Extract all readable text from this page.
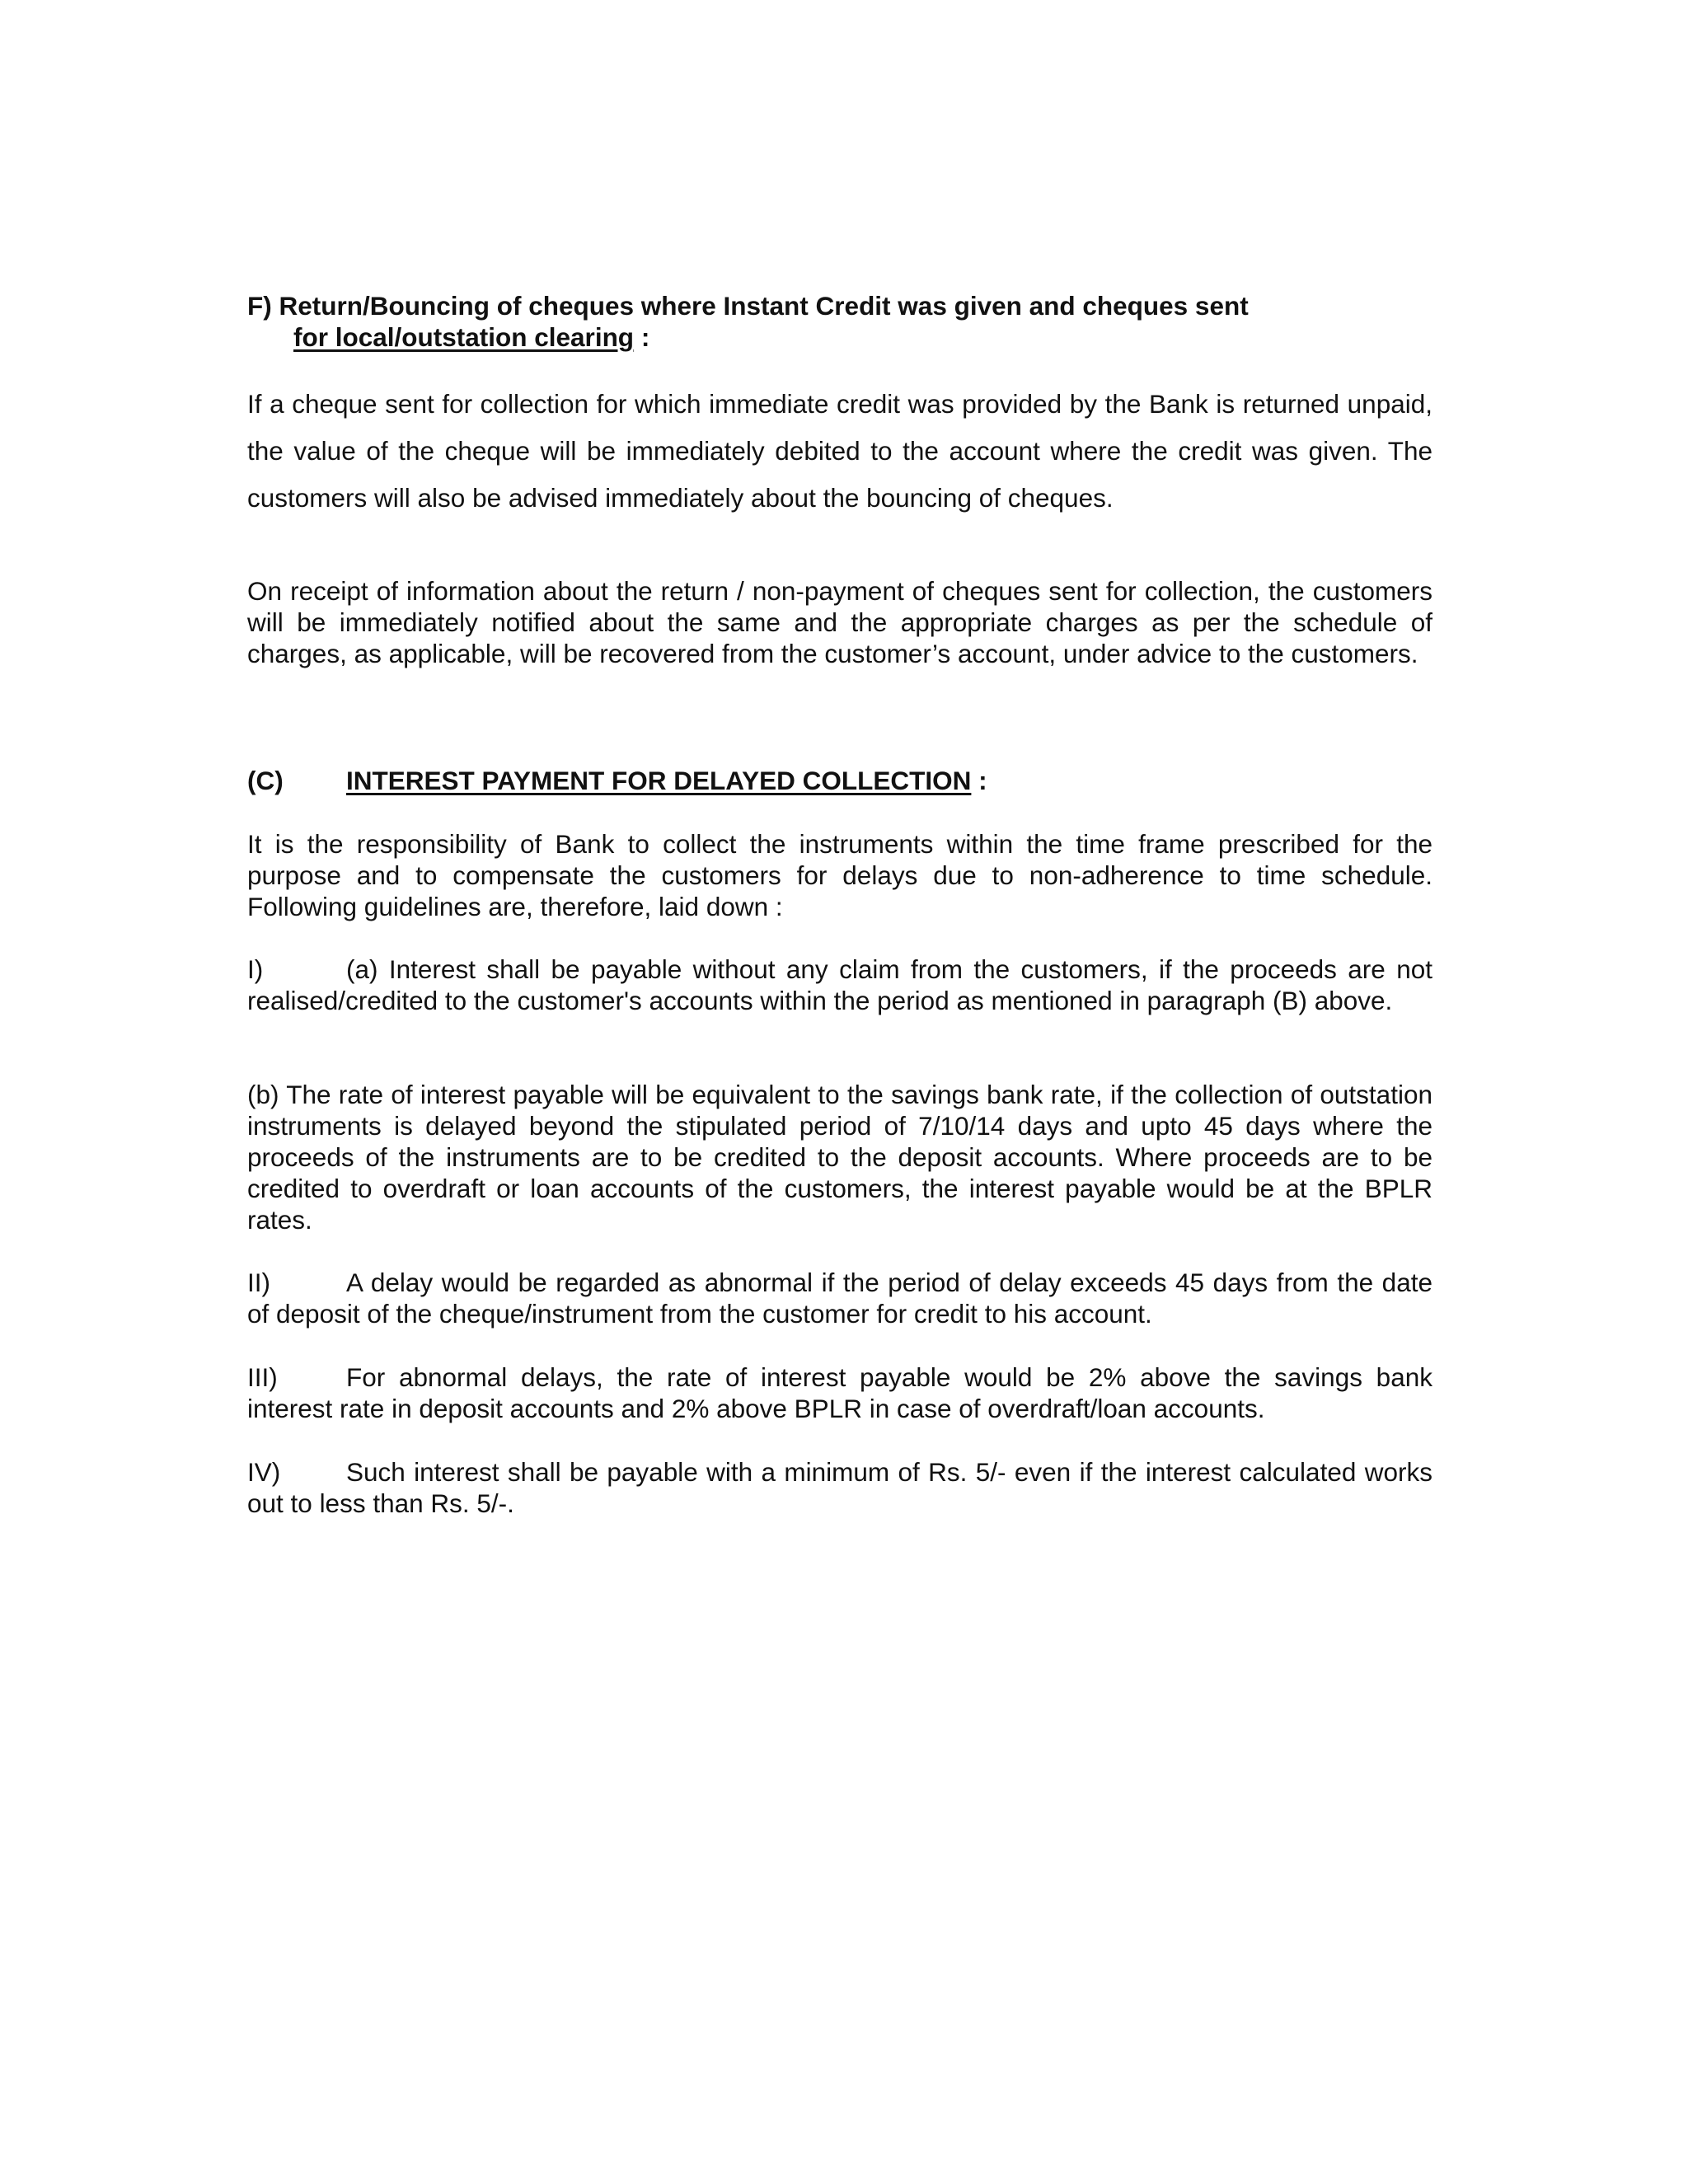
F) Return/Bouncing of cheques where Instant Credit was given and cheques sent
for local/outstation clearing :
If a cheque sent for collection for which immediate credit was provided by the Bank is returned unpaid, the value of the cheque will be immediately debited to the account where the credit was given. The customers will also be advised immediately about the bouncing of cheques.
On receipt of information about the return / non-payment of cheques sent for collection, the customers will be immediately notified about the same and the appropriate charges as per the schedule of charges, as applicable, will be recovered from the customer’s account, under advice to the customers.
(C) INTEREST PAYMENT FOR DELAYED COLLECTION :
It is the responsibility of Bank to collect the instruments within the time frame prescribed for the purpose and to compensate the customers for delays due to non-adherence to time schedule. Following guidelines are, therefore, laid down :
I)	(a) Interest shall be payable without any claim from the customers, if the proceeds are not realised/credited to the customer's accounts within the period as mentioned in paragraph (B) above.
(b) The rate of interest payable will be equivalent to the savings bank rate, if the collection of outstation instruments is delayed beyond the stipulated period of 7/10/14 days and upto 45 days where the proceeds of the instruments are to be credited to the deposit accounts. Where proceeds are to be credited to overdraft or loan accounts of the customers, the interest payable would be at the BPLR rates.
II)	A delay would be regarded as abnormal if the period of delay exceeds 45 days from the date of deposit of the cheque/instrument from the customer for credit to his account.
III)	For abnormal delays, the rate of interest payable would be 2% above the savings bank interest rate in deposit accounts and 2% above BPLR in case of overdraft/loan accounts.
IV)	Such interest shall be payable with a minimum of Rs. 5/- even if the interest calculated works out to less than Rs. 5/-.
